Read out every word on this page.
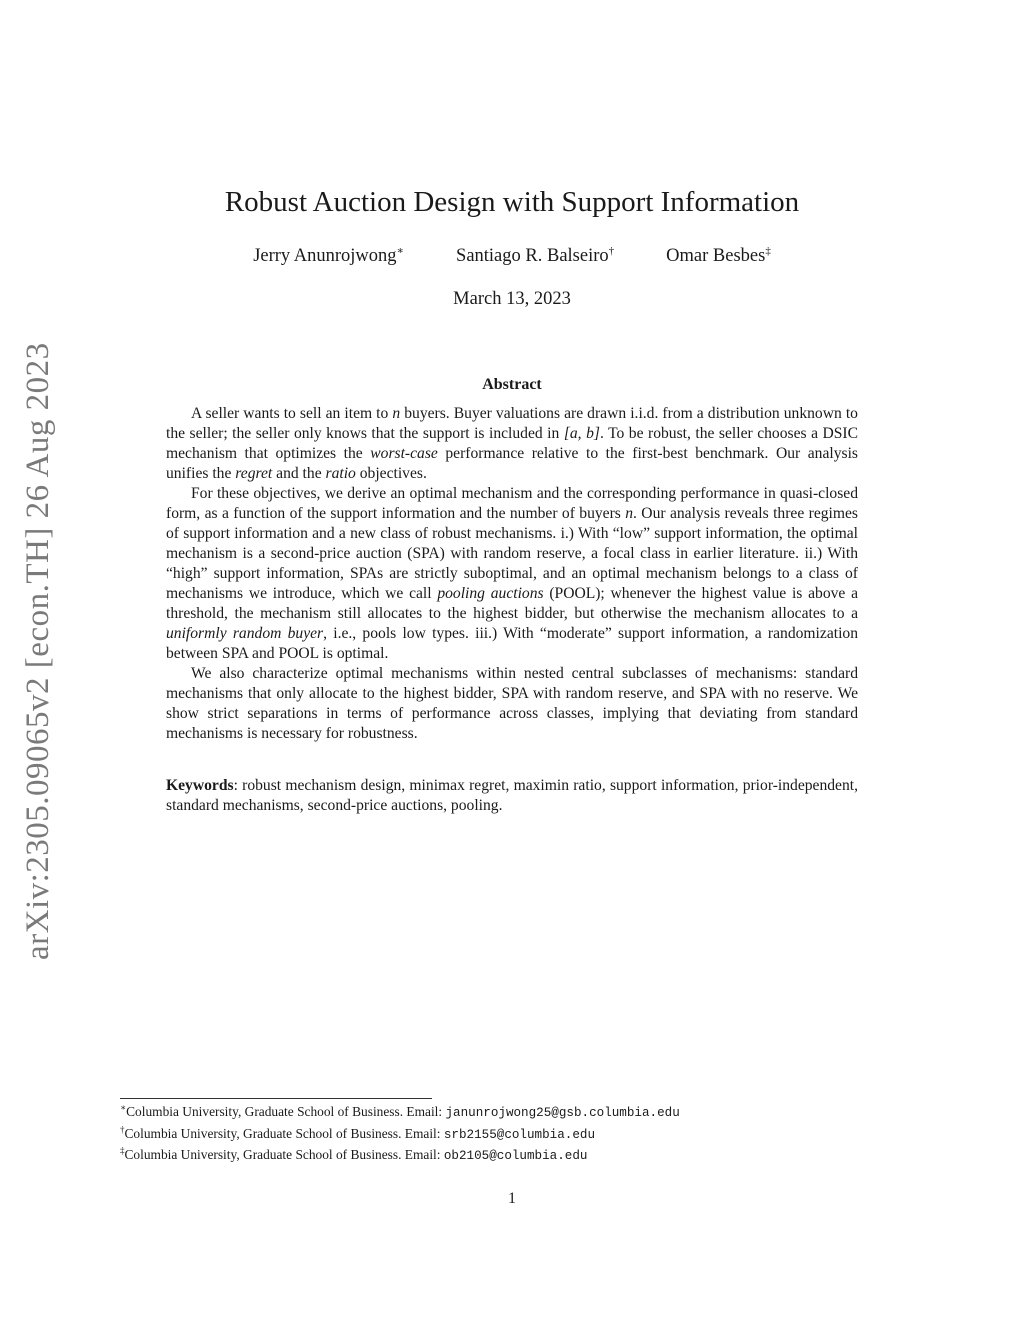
arXiv:2305.09065v2 [econ.TH] 26 Aug 2023
Robust Auction Design with Support Information
Jerry Anunrojwong∗	Santiago R. Balseiro†	Omar Besbes‡
March 13, 2023
Abstract

A seller wants to sell an item to n buyers. Buyer valuations are drawn i.i.d. from a distribution unknown to the seller; the seller only knows that the support is included in [a, b]. To be robust, the seller chooses a DSIC mechanism that optimizes the worst-case performance relative to the first-best benchmark. Our analysis unifies the regret and the ratio objectives.

For these objectives, we derive an optimal mechanism and the corresponding performance in quasi-closed form, as a function of the support information and the number of buyers n. Our analysis reveals three regimes of support information and a new class of robust mechanisms. i.) With “low” support information, the optimal mechanism is a second-price auction (SPA) with random reserve, a focal class in earlier literature. ii.) With “high” support information, SPAs are strictly suboptimal, and an optimal mechanism belongs to a class of mechanisms we introduce, which we call pooling auctions (POOL); whenever the highest value is above a threshold, the mechanism still allocates to the highest bidder, but otherwise the mechanism allocates to a uniformly random buyer, i.e., pools low types. iii.) With “moderate” support information, a randomization between SPA and POOL is optimal.

We also characterize optimal mechanisms within nested central subclasses of mechanisms: standard mechanisms that only allocate to the highest bidder, SPA with random reserve, and SPA with no reserve. We show strict separations in terms of performance across classes, implying that deviating from standard mechanisms is necessary for robustness.

Keywords: robust mechanism design, minimax regret, maximin ratio, support information, prior-independent, standard mechanisms, second-price auctions, pooling.
∗Columbia University, Graduate School of Business. Email: janunrojwong25@gsb.columbia.edu
†Columbia University, Graduate School of Business. Email: srb2155@columbia.edu
‡Columbia University, Graduate School of Business. Email: ob2105@columbia.edu
1
